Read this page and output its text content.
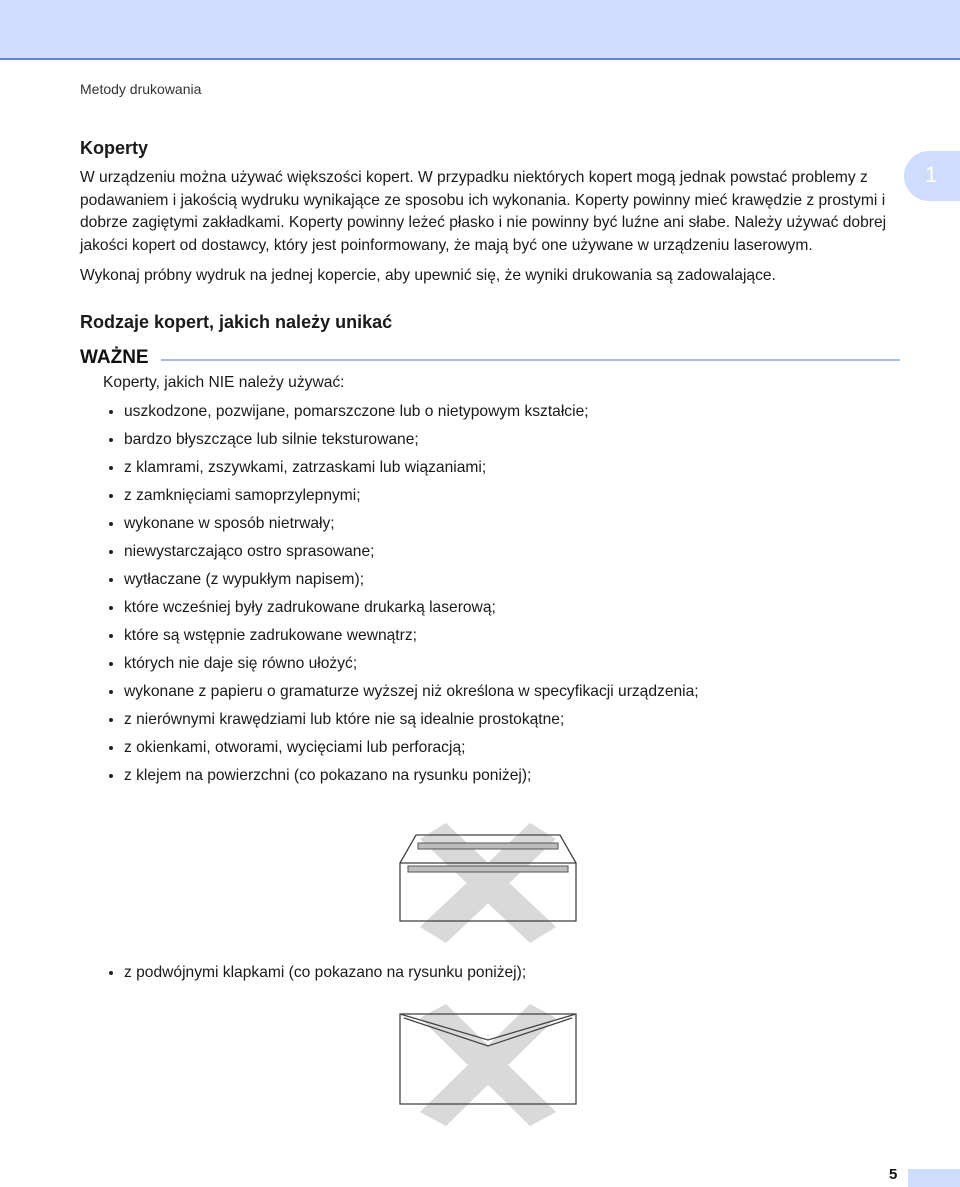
Metody drukowania
1
Koperty

W urządzeniu można używać większości kopert. W przypadku niektórych kopert mogą jednak powstać problemy z podawaniem i jakością wydruku wynikające ze sposobu ich wykonania. Koperty powinny mieć krawędzie z prostymi i dobrze zagiętymi zakładkami. Koperty powinny leżeć płasko i nie powinny być luźne ani słabe. Należy używać dobrej jakości kopert od dostawcy, który jest poinformowany, że mają być one używane w urządzeniu laserowym.

Wykonaj próbny wydruk na jednej kopercie, aby upewnić się, że wyniki drukowania są zadowalające.

Rodzaje kopert, jakich należy unikać
WAŻNE
Koperty, jakich NIE należy używać:
uszkodzone, pozwijane, pomarszczone lub o nietypowym kształcie;
bardzo błyszczące lub silnie teksturowane;
z klamrami, zszywkami, zatrzaskami lub wiązaniami;
z zamknięciami samoprzylepnymi;
wykonane w sposób nietrwały;
niewystarczająco ostro sprasowane;
wytłaczane (z wypukłym napisem);
które wcześniej były zadrukowane drukarką laserową;
które są wstępnie zadrukowane wewnątrz;
których nie daje się równo ułożyć;
wykonane z papieru o gramaturze wyższej niż określona w specyfikacji urządzenia;
z nierównymi krawędziami lub które nie są idealnie prostokątne;
z okienkami, otworami, wycięciami lub perforacją;
z klejem na powierzchni (co pokazano na rysunku poniżej);
z podwójnymi klapkami (co pokazano na rysunku poniżej);
5
